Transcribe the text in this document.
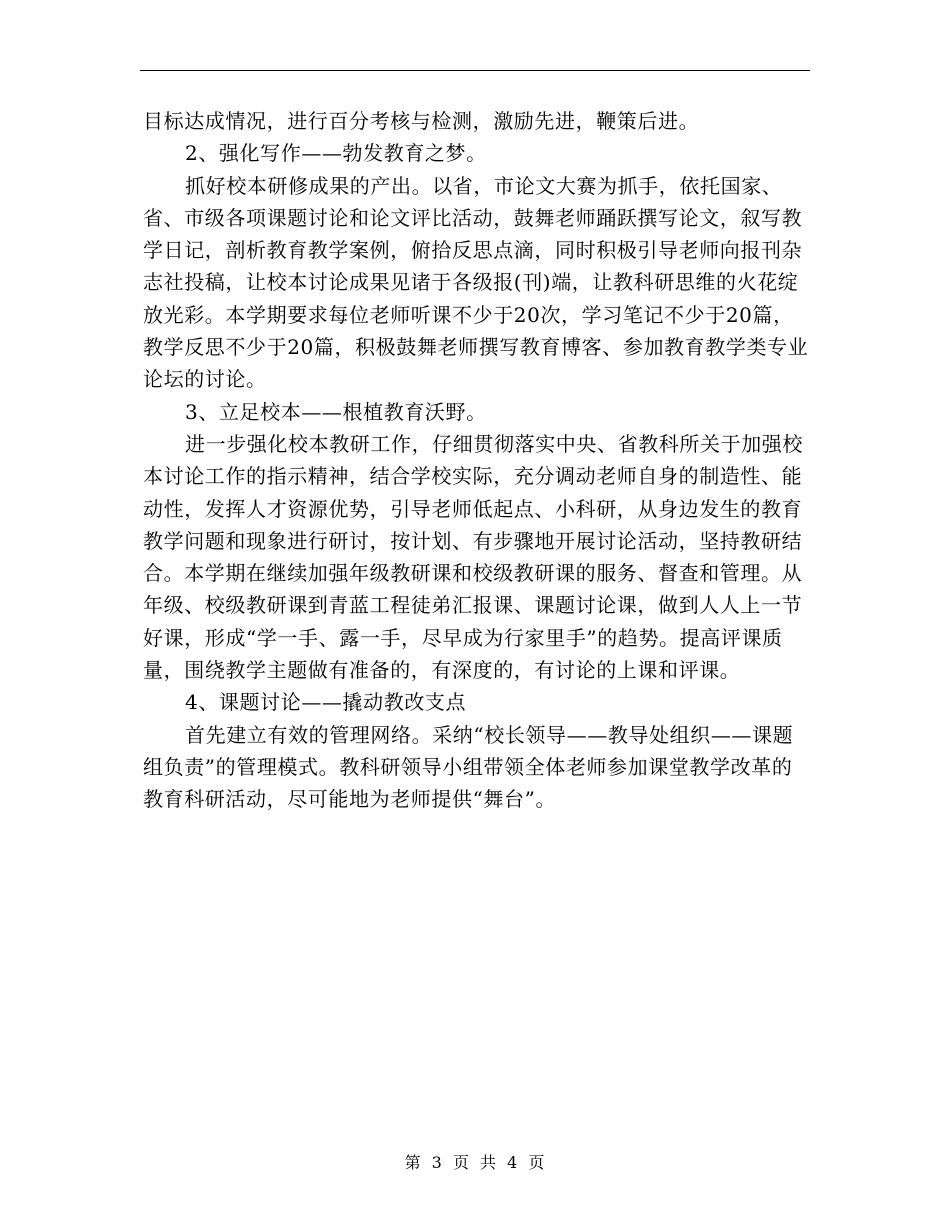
目标达成情况，进行百分考核与检测，激励先进，鞭策后进。

2、强化写作——勃发教育之梦。

抓好校本研修成果的产出。以省，市论文大赛为抓手，依托国家、省、市级各项课题讨论和论文评比活动，鼓舞老师踊跃撰写论文，叙写教学日记，剖析教育教学案例，俯拾反思点滴，同时积极引导老师向报刊杂志社投稿，让校本讨论成果见诸于各级报(刊)端，让教科研思维的火花绽放光彩。本学期要求每位老师听课不少于20次，学习笔记不少于20篇，教学反思不少于20篇，积极鼓舞老师撰写教育博客、参加教育教学类专业论坛的讨论。

3、立足校本——根植教育沃野。

进一步强化校本教研工作，仔细贯彻落实中央、省教科所关于加强校本讨论工作的指示精神，结合学校实际，充分调动老师自身的制造性、能动性，发挥人才资源优势，引导老师低起点、小科研，从身边发生的教育教学问题和现象进行研讨，按计划、有步骤地开展讨论活动，坚持教研结合。本学期在继续加强年级教研课和校级教研课的服务、督查和管理。从年级、校级教研课到青蓝工程徒弟汇报课、课题讨论课，做到人人上一节好课，形成“学一手、露一手，尽早成为行家里手”的趋势。提高评课质量，围绕教学主题做有准备的，有深度的，有讨论的上课和评课。

4、课题讨论——撬动教改支点

首先建立有效的管理网络。采纳“校长领导——教导处组织——课题组负责”的管理模式。教科研领导小组带领全体老师参加课堂教学改革的教育科研活动，尽可能地为老师提供“舞台”。

第 3 页 共 4 页
